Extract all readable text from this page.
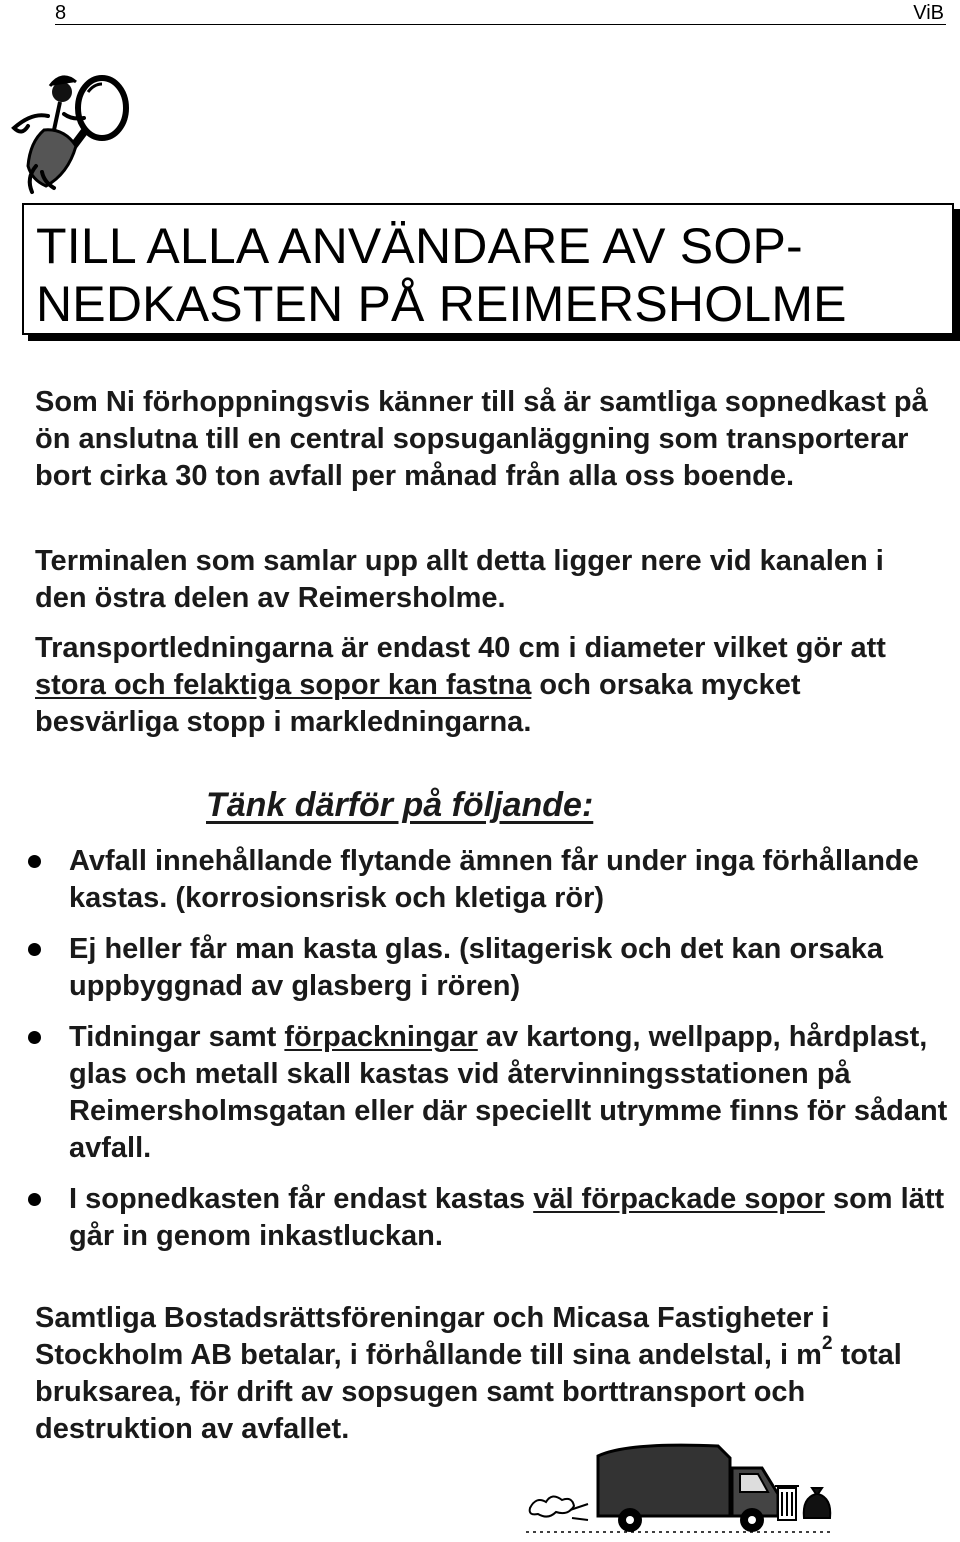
8	ViB
TILL ALLA ANVÄNDARE AV SOP-
NEDKASTEN PÅ REIMERSHOLME
Som Ni förhoppningsvis känner till så är samtliga sopnedkast på ön anslutna till en central sopsuganläggning som transporterar bort cirka 30 ton avfall per månad från alla oss boende.
Terminalen som samlar upp allt detta ligger nere vid kanalen i den östra delen av Reimersholme.
Transportledningarna är endast 40 cm i diameter vilket gör att stora och felaktiga sopor kan fastna och orsaka mycket besvärliga stopp i markledningarna.
Tänk därför på följande:
Avfall innehållande flytande ämnen får under inga förhållande kastas. (korrosionsrisk och kletiga rör)
Ej heller får man kasta glas. (slitagerisk och det kan orsaka uppbyggnad av glasberg i rören)
Tidningar samt förpackningar av kartong, wellpapp, hårdplast, glas och metall skall kastas vid återvinningsstationen på Reimersholmsgatan eller där speciellt utrymme finns för sådant avfall.
I sopnedkasten får endast kastas väl förpackade sopor som lätt går in genom inkastluckan.
Samtliga Bostadsrättsföreningar och Micasa Fastigheter i Stockholm AB betalar, i förhållande till sina andelstal, i $m^2$ total bruksarea, för drift av sopsugen samt borttransport och destruktion av avfallet.
